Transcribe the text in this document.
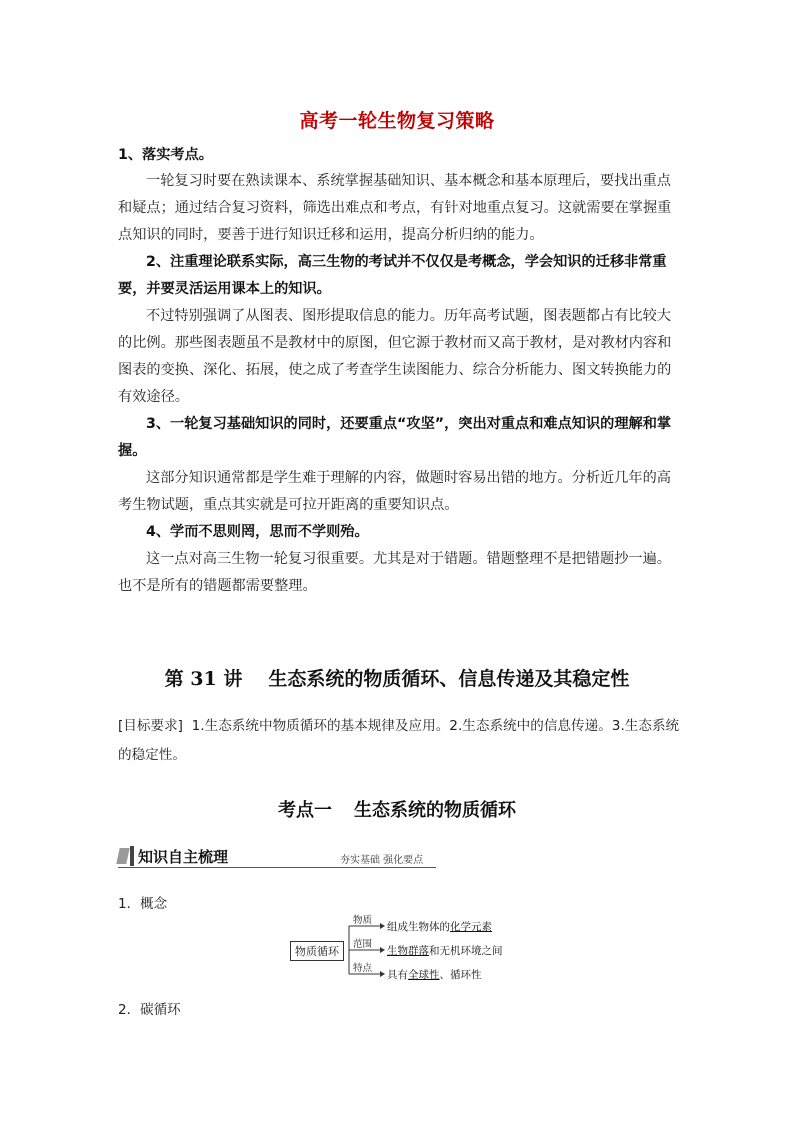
高考一轮生物复习策略
1、落实考点。
一轮复习时要在熟读课本、系统掌握基础知识、基本概念和基本原理后，要找出重点和疑点；通过结合复习资料，筛选出难点和考点，有针对地重点复习。这就需要在掌握重点知识的同时，要善于进行知识迁移和运用，提高分析归纳的能力。
2、注重理论联系实际，高三生物的考试并不仅仅是考概念，学会知识的迁移非常重要，并要灵活运用课本上的知识。
不过特别强调了从图表、图形提取信息的能力。历年高考试题，图表题都占有比较大的比例。那些图表题虽不是教材中的原图，但它源于教材而又高于教材，是对教材内容和图表的变换、深化、拓展，使之成了考查学生读图能力、综合分析能力、图文转换能力的有效途径。
3、一轮复习基础知识的同时，还要重点“攻坚”，突出对重点和难点知识的理解和掌握。
这部分知识通常都是学生难于理解的内容，做题时容易出错的地方。分析近几年的高考生物试题，重点其实就是可拉开距离的重要知识点。
4、学而不思则罔，思而不学则殆。
这一点对高三生物一轮复习很重要。尤其是对于错题。错题整理不是把错题抄一遍。也不是所有的错题都需要整理。
第 31 讲 生态系统的物质循环、信息传递及其稳定性
[目标要求] 1.生态系统中物质循环的基本规律及应用。2.生态系统中的信息传递。3.生态系统的稳定性。
考点一 生态系统的物质循环
知识自主梳理	夯实基础 强化要点
1．概念
物质循环
物质
范围
特点
组成生物体的化学元素
生物群落和无机环境之间
具有全球性、循环性
2．碳循环
